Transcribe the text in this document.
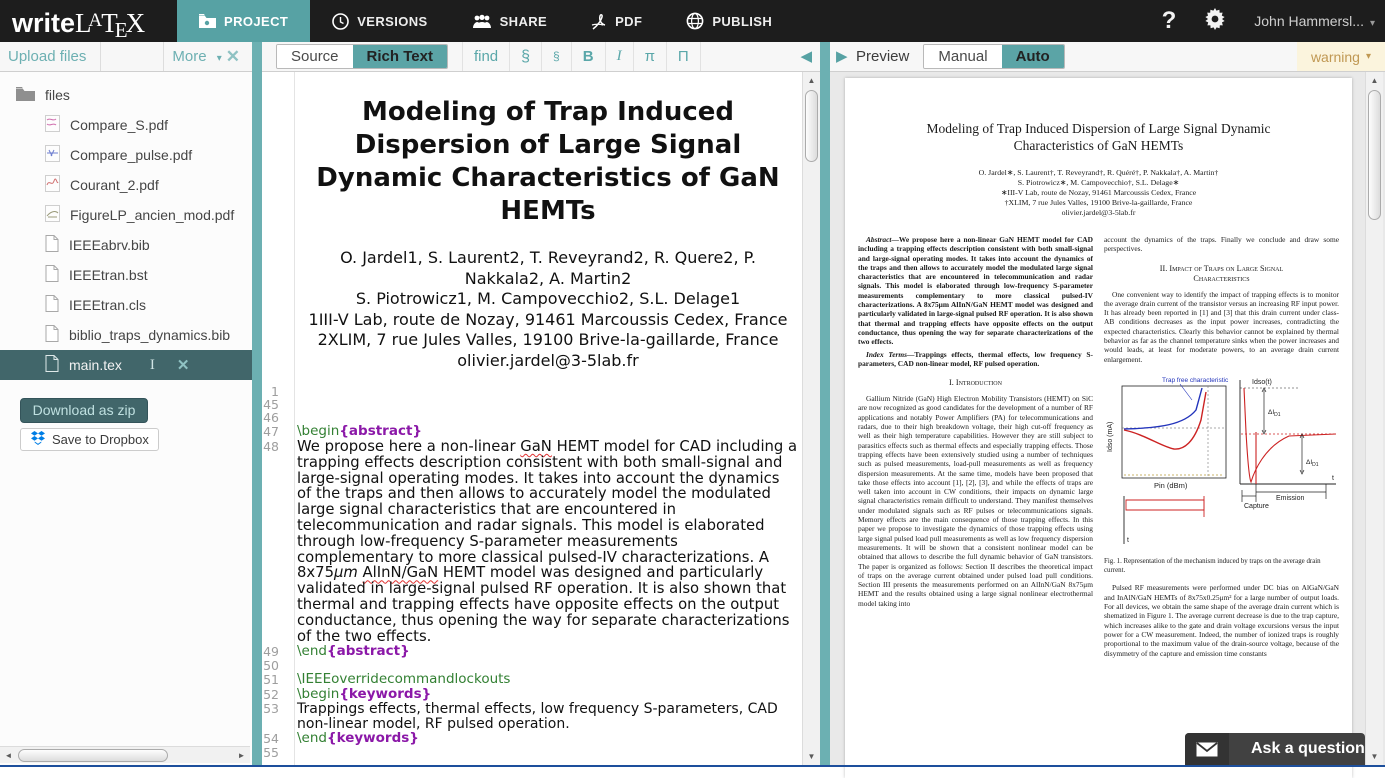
writeL$^A$TEX	PROJECT	VERSIONS	SHARE	PDF	PUBLISH	?	John Hammersl... ▾
Upload files	More ▾ ✕
files
Compare_S.pdf
Compare_pulse.pdf
Courant_2.pdf
FigureLP_ancien_mod.pdf
IEEEabrv.bib
IEEEtran.bst
IEEEtran.cls
biblio_traps_dynamics.bib
main.tex I ✕
Download as zip
Save to Dropbox
◄	►
Source	Rich Text	find	§	§	B	I	π	Π	◀
Modeling of Trap Induced Dispersion of Large Signal Dynamic Characteristics of GaN HEMTs
O. Jardel1, S. Laurent2, T. Reveyrand2, R. Quere2, P. Nakkala2, A. Martin2
S. Piotrowicz1, M. Campovecchio2, S.L. Delage1
1III-V Lab, route de Nozay, 91461 Marcoussis Cedex, France
2XLIM, 7 rue Jules Valles, 19100 Brive-la-gaillarde, France
olivier.jardel@3-5lab.fr
1
45
46
47	\begin{abstract}
48	We propose here a non-linear GaN HEMT model for CAD including a trapping effects description consistent with both small-signal and large-signal operating modes. It takes into account the dynamics of the traps and then allows to accurately model the modulated large signal characteristics that are encountered in telecommunication and radar signals. This model is elaborated through low-frequency S-parameter measurements complementary to more classical pulsed-IV characterizations. A 8x75μm AlInN/GaN HEMT model was designed and particularly validated in large-signal pulsed RF operation. It is also shown that thermal and trapping effects have opposite effects on the output conductance, thus opening the way for separate characterizations of the two effects.
49	\end{abstract}
50
51	\IEEEoverridecommandlockouts
52	\begin{keywords}
53	Trappings effects, thermal effects, low frequency S-parameters, CAD non-linear model, RF pulsed operation.
54	\end{keywords}
55
▲
▼
▶ Preview	Manual	Auto	warning ▾
Modeling of Trap Induced Dispersion of Large Signal Dynamic
Characteristics of GaN HEMTs
O. Jardel∗, S. Laurent†, T. Reveyrand†, R. Quéré†, P. Nakkala†, A. Martin†
S. Piotrowicz∗, M. Campovecchio†, S.L. Delage∗
∗III-V Lab, route de Nozay, 91461 Marcoussis Cedex, France
†XLIM, 7 rue Jules Valles, 19100 Brive-la-gaillarde, France
olivier.jardel@3-5lab.fr
Abstract—We propose here a non-linear GaN HEMT model for CAD including a trapping effects description consistent with both small-signal and large-signal operating modes. It takes into account the dynamics of the traps and then allows to accurately model the modulated large signal characteristics that are encountered in telecommunication and radar signals. This model is elaborated through low-frequency S-parameter measurements complementary to more classical pulsed-IV characterizations. A 8x75μm AlInN/GaN HEMT model was designed and particularly validated in large-signal pulsed RF operation. It is also shown that thermal and trapping effects have opposite effects on the output conductance, thus opening the way for separate characterizations of the two effects.
Index Terms—Trappings effects, thermal effects, low frequency S-parameters, CAD non-linear model, RF pulsed operation.
I. Introduction
Gallium Nitride (GaN) High Electron Mobility Transistors (HEMT) on SiC are now recognized as good candidates for the development of a number of RF applications and notably Power Amplifiers (PA) for telecommunications and radars, due to their high breakdown voltage, their high cut-off frequency as well as their high temperature capabilities. However they are still subject to parasitics effects such as thermal effects and especially trapping effects. Those trapping effects have been extensively studied using a number of techniques such as pulsed measurements, load-pull measurements as well as frequency dispersion measurements. At the same time, models have been proposed that take those effects into account [1], [2], [3], and while the effects of traps are well taken into account in CW conditions, their impacts on dynamic large signal characteristics remain difficult to understand. They manifest themselves under modulated signals such as RF pulses or telecommunications signals. Memory effects are the main consequence of those trapping effects. In this paper we propose to investigate the dynamics of those trapping effects using large signal pulsed load pull measurements as well as low frequency dispersion measurements. It will be shown that a consistent nonlinear model can be obtained that allows to describe the full dynamic behavior of GaN transistors. The paper is organized as follows: Section II describes the theoretical impact of traps on the average current obtained under pulsed load pull conditions. Section III presents the measurements performed on an AlInN/GaN 8x75μm HEMT and the results obtained using a large signal nonlinear electrothermal model taking into
account the dynamics of the traps. Finally we conclude and draw some perspectives.
II. Impact of Traps on Large Signal Characteristics
One convenient way to identify the impact of trapping effects is to monitor the average drain current of the transistor versus an increasing RF input power. It has already been reported in [1] and [3] that this drain current under class-AB conditions decreases as the input power increases, contradicting the expected characteristics. Clearly this behavior cannot be explained by thermal behavior as far as the channel temperature sinks when the power increases and would leads, at least for moderate powers, to an average drain current enlargement.
Idso (mA)
Trap free characteristic
Pin (dBm)
t
Idso(t)
$\Delta I_{D1}$
$\Delta I_{D1}$
t
Capture
Emission
Fig. 1. Representation of the mechanism induced by traps on the average drain current.
Pulsed RF measurements were performed under DC bias on AlGaN/GaN and InAlN/GaN HEMTs of 8x75x0.25μm² for a large number of output loads. For all devices, we obtain the same shape of the average drain current which is shematized in Figure 1. The average current decrease is due to the trap capture, which increases alike to the gate and drain voltage excursions versus the input power for a CW measurement. Indeed, the number of ionized traps is roughly proportional to the maximum value of the drain-source voltage, because of the disymmetry of the capture and emission time constants
▲
▼
Ask a question
